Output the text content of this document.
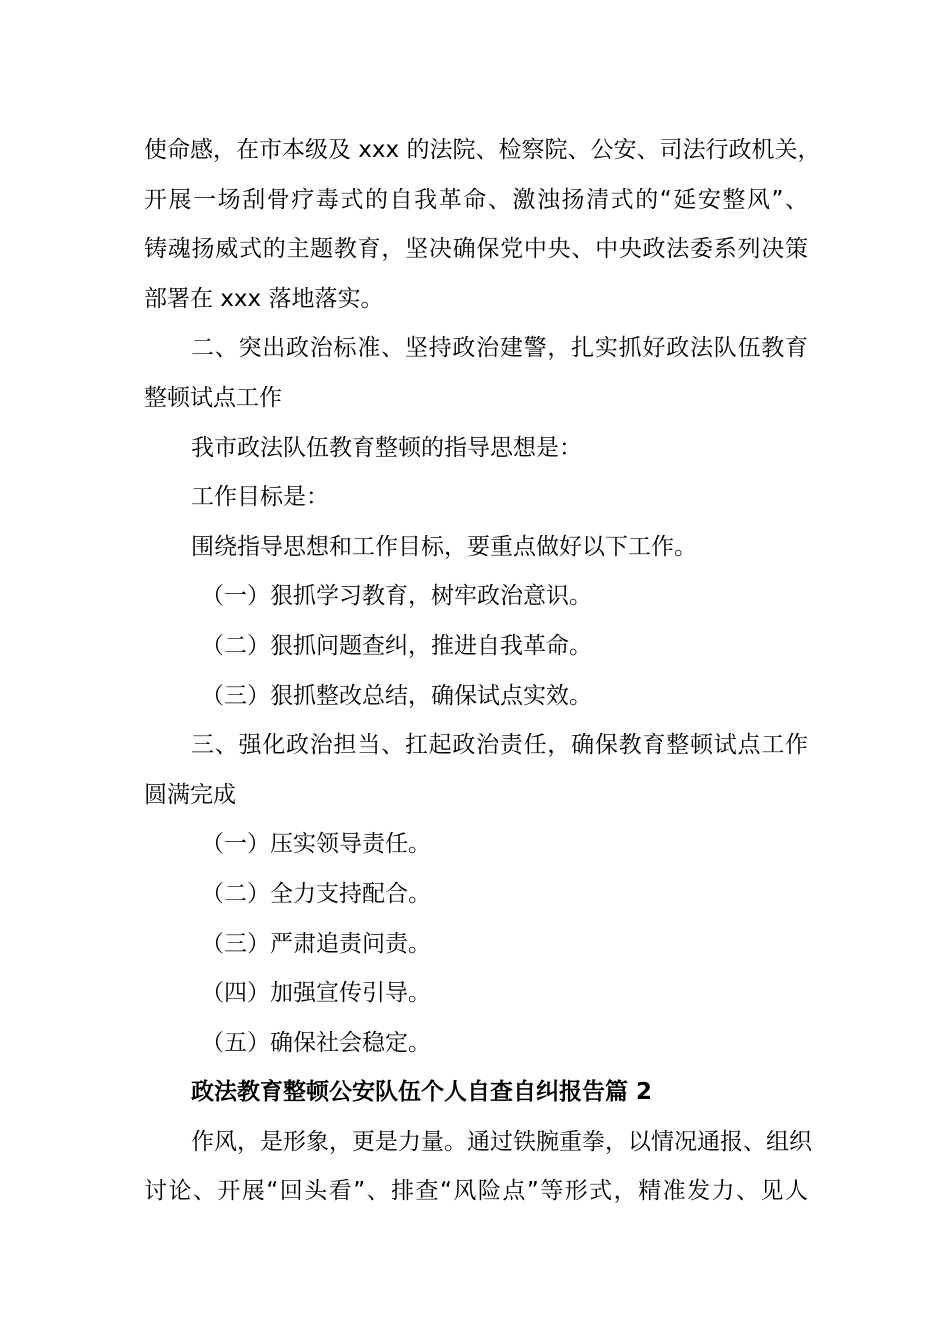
使命感，在市本级及 xxx 的法院、检察院、公安、司法行政机关，
开展一场刮骨疗毒式的自我革命、激浊扬清式的“延安整风”、
铸魂扬威式的主题教育，坚决确保党中央、中央政法委系列决策
部署在 xxx 落地落实。
二、突出政治标准、坚持政治建警，扎实抓好政法队伍教育
整顿试点工作
我市政法队伍教育整顿的指导思想是：
工作目标是：
围绕指导思想和工作目标，要重点做好以下工作。
（一）狠抓学习教育，树牢政治意识。
（二）狠抓问题查纠，推进自我革命。
（三）狠抓整改总结，确保试点实效。
三、强化政治担当、扛起政治责任，确保教育整顿试点工作
圆满完成
（一）压实领导责任。
（二）全力支持配合。
（三）严肃追责问责。
（四）加强宣传引导。
（五）确保社会稳定。
政法教育整顿公安队伍个人自查自纠报告篇 2
作风，是形象，更是力量。通过铁腕重拳，以情况通报、组织
讨论、开展“回头看”、排查“风险点”等形式，精准发力、见人
